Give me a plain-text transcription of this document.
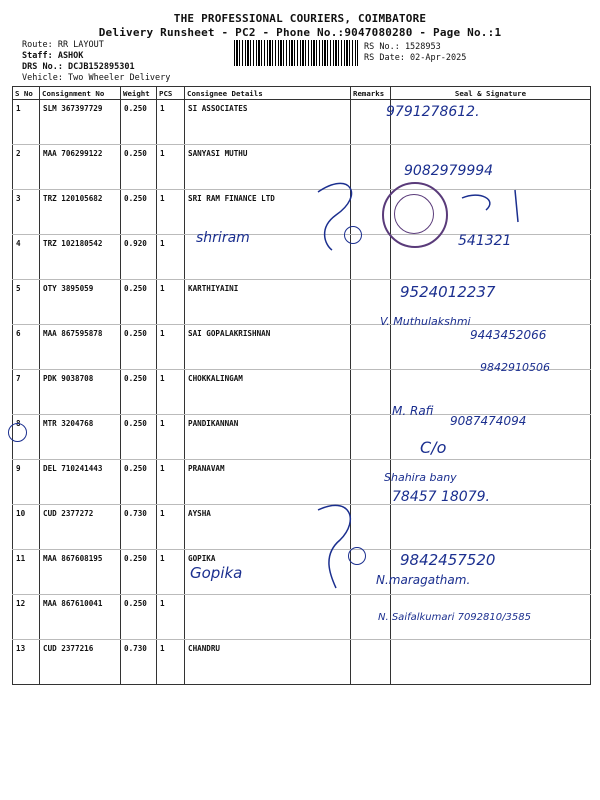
THE PROFESSIONAL COURIERS, COIMBATORE
Delivery Runsheet - PC2 - Phone No.:9047080280 - Page No.:1
Route: RR LAYOUT
Staff: ASHOK
DRS No.: DCJB152895301
Vehicle: Two Wheeler Delivery
RS No.: 1528953
RS Date: 02-Apr-2025
S No	Consignment No	Weight	PCS	Consignee Details	Remarks	Seal & Signature
1	SLM 367397729	0.250	1	SI ASSOCIATES		
2	MAA 706299122	0.250	1	SANYASI MUTHU		
3	TRZ 120105682	0.250	1	SRI RAM FINANCE LTD		
4	TRZ 102180542	0.920	1			
5	OTY 3895059	0.250	1	KARTHIYAINI		
6	MAA 867595878	0.250	1	SAI GOPALAKRISHNAN		
7	PDK 9038708	0.250	1	CHOKKALINGAM		
8	MTR 3204768	0.250	1	PANDIKANNAN		
9	DEL 710241443	0.250	1	PRANAVAM		
10	CUD 2377272	0.730	1	AYSHA		
11	MAA 867608195	0.250	1	GOPIKA		
12	MAA 867610041	0.250	1			
13	CUD 2377216	0.730	1	CHANDRU		
9791278612.
9082979994
shriram	541321
9524012237
V. Muthulakshmi
9443452066
9842910506
M. Rafi
9087474094
C/o
Shahira bany
78457 18079.
Gopika
9842457520
N.maragatham.
N. Saifalkumari 7092810/3585
